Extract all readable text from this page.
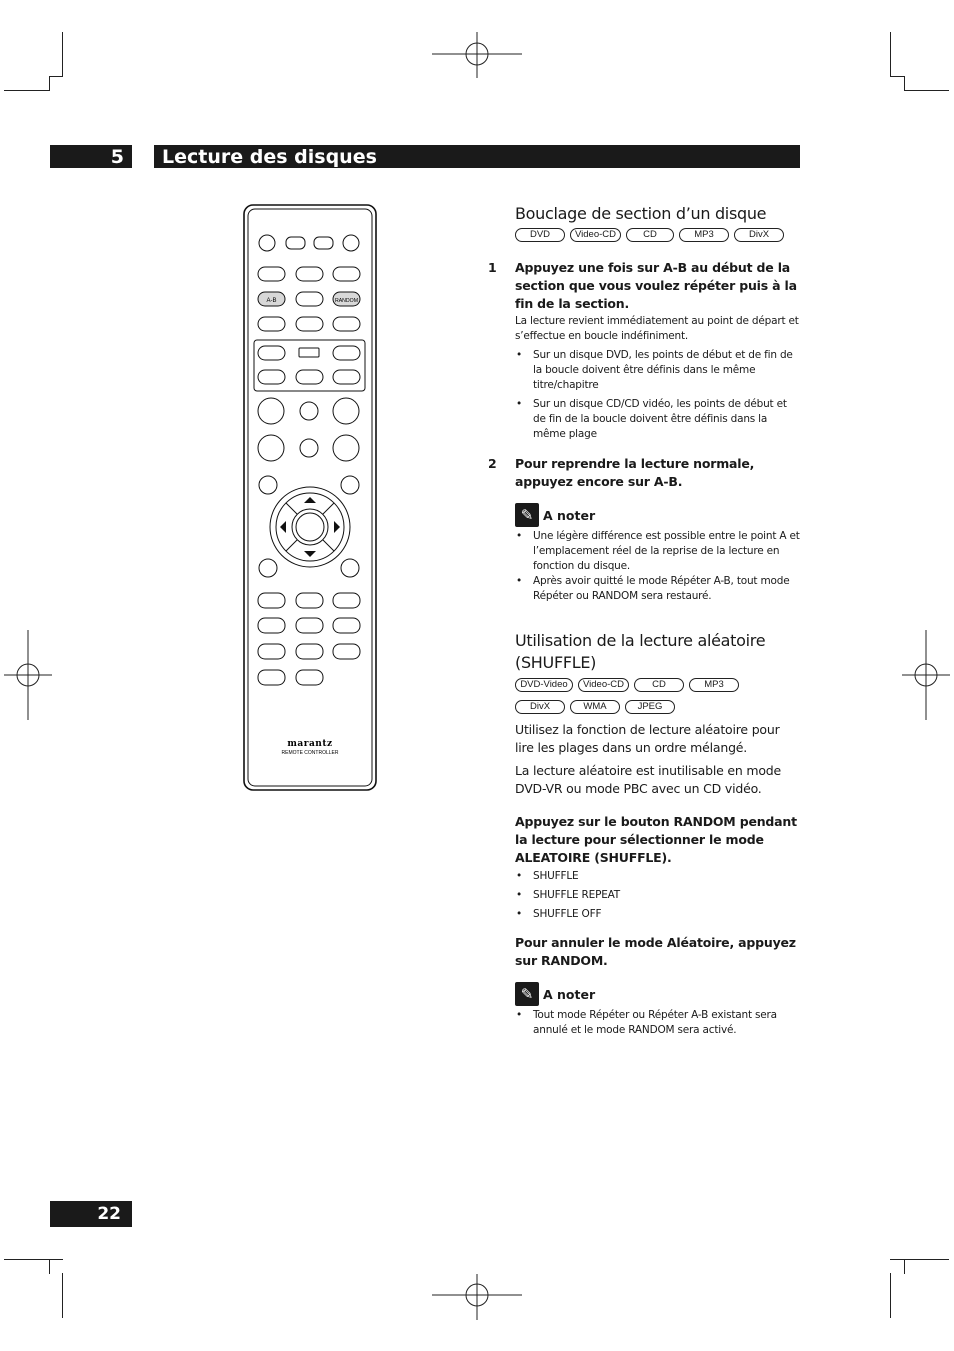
5	Lecture des disques
A-B	RANDOM
marantz
REMOTE CONTROLLER
Bouclage de section d’un disque
DVD	Video-CD	CD	MP3	DivX
1 Appuyez une fois sur A-B au début de la section que vous voulez répéter puis à la fin de la section.
La lecture revient immédiatement au point de départ et s’effectue en boucle indéfiniment.
• Sur un disque DVD, les points de début et de fin de la boucle doivent être définis dans le même titre/chapitre
• Sur un disque CD/CD vidéo, les points de début et de fin de la boucle doivent être définis dans la même plage
2 Pour reprendre la lecture normale, appuyez encore sur A-B.
✎ A noter
• Une légère différence est possible entre le point A et l’emplacement réel de la reprise de la lecture en fonction du disque.
• Après avoir quitté le mode Répéter A-B, tout mode Répéter ou RANDOM sera restauré.
Utilisation de la lecture aléatoire (SHUFFLE)
DVD-Video	Video-CD	CD	MP3
DivX	WMA	JPEG
Utilisez la fonction de lecture aléatoire pour lire les plages dans un ordre mélangé.
La lecture aléatoire est inutilisable en mode DVD-VR ou mode PBC avec un CD vidéo.
Appuyez sur le bouton RANDOM pendant la lecture pour sélectionner le mode ALEATOIRE (SHUFFLE).
• SHUFFLE
• SHUFFLE REPEAT
• SHUFFLE OFF
Pour annuler le mode Aléatoire, appuyez sur RANDOM.
✎ A noter
• Tout mode Répéter ou Répéter A-B existant sera annulé et le mode RANDOM sera activé.
22
